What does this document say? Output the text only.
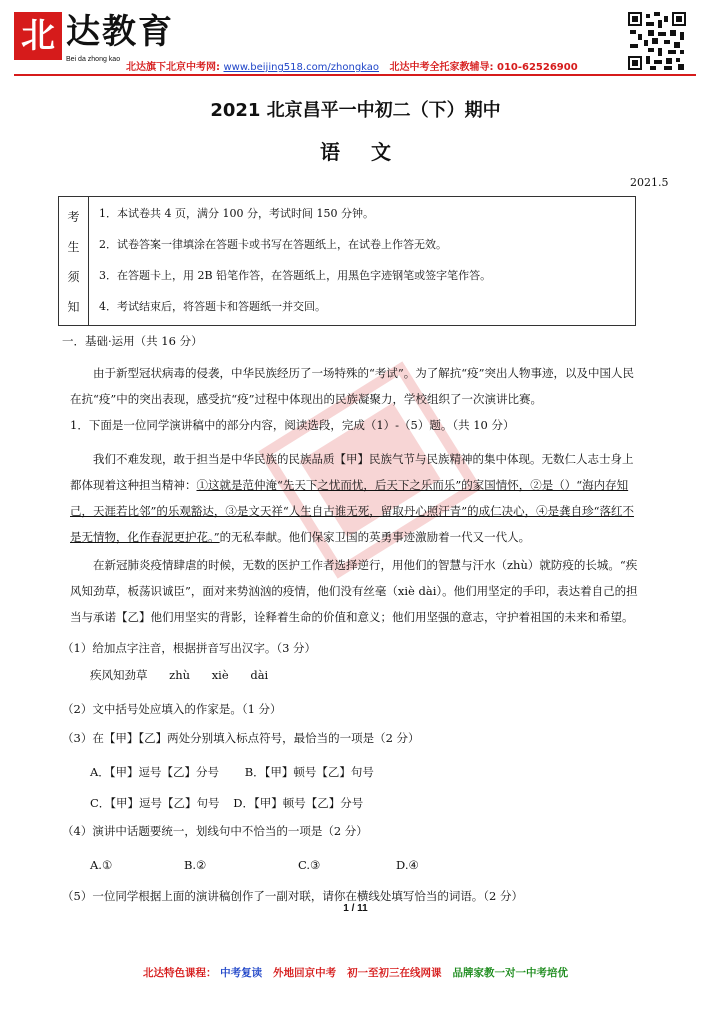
北 达教育
Bei da zhong kao
北达旗下北京中考网: www.beijing518.com/zhongkao 北达中考全托家教辅导: 010-62526900
2021 北京昌平一中初二（下）期中
语 文
2021.5
考
生
须
知
1．本试卷共 4 页，满分 100 分，考试时间 150 分钟。
2．试卷答案一律填涂在答题卡或书写在答题纸上，在试卷上作答无效。
3．在答题卡上，用 2B 铅笔作答，在答题纸上，用黑色字迹钢笔或签字笔作答。
4．考试结束后，将答题卡和答题纸一并交回。
一．基础·运用（共 16 分）
由于新型冠状病毒的侵袭，中华民族经历了一场特殊的“考试”。为了解抗“疫”突出人物事迹，以及中国人民在抗“疫”中的突出表现，感受抗“疫”过程中体现出的民族凝聚力，学校组织了一次演讲比赛。
1．下面是一位同学演讲稿中的部分内容，阅读选段，完成（1）-（5）题。（共 10 分）
我们不难发现，敢于担当是中华民族的民族品质【甲】民族气节与民族精神的集中体现。无数仁人志士身上都体现着这种担当精神：①这就是范仲淹“先天下之忧而忧，后天下之乐而乐”的家国情怀，②是（）“海内存知己，天涯若比邻”的乐观豁达，③是文天祥“人生自古谁无死，留取丹心照汗青”的成仁决心，④是龚自珍“落红不是无情物，化作春泥更护花。”的无私奉献。他们保家卫国的英勇事迹激励着一代又一代人。
在新冠肺炎疫情肆虐的时候，无数的医护工作者选择逆行，用他们的智慧与汗水（zhù）就防疫的长城。“疾风知劲草，板荡识诚臣”，面对来势汹汹的疫情，他们没有丝毫（xiè dài）。他们用坚定的手印，表达着自己的担当与承诺【乙】他们用坚实的背影，诠释着生命的价值和意义；他们用坚强的意志，守护着祖国的未来和希望。
（1）给加点字注音，根据拼音写出汉字。（3 分）
疾风知劲草 zhù xiè dài
（2）文中括号处应填入的作家是。（1 分）
（3）在【甲】【乙】两处分别填入标点符号，最恰当的一项是（2 分）
A．【甲】逗号【乙】分号 B．【甲】顿号【乙】句号
C．【甲】逗号【乙】句号 D．【甲】顿号【乙】分号
（4）演讲中话题要统一，划线句中不恰当的一项是（2 分）
A.①	B.②	C.③	D.④
（5）一位同学根据上面的演讲稿创作了一副对联，请你在横线处填写恰当的词语。（2 分）
1 / 11
北达特色课程： 中考复读 外地回京中考 初一至初三在线网课 品牌家教一对一中考培优
